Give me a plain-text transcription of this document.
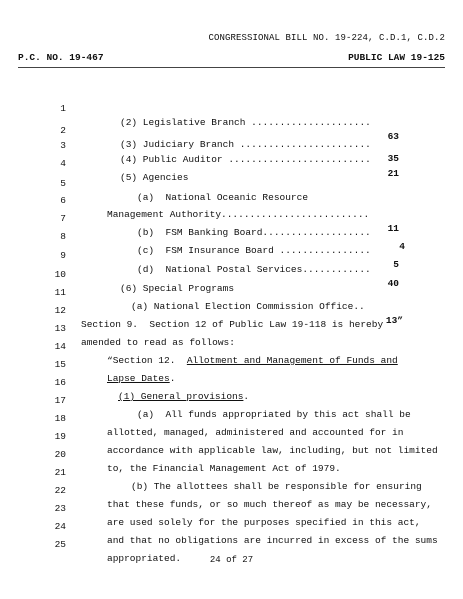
CONGRESSIONAL BILL NO. 19-224, C.D.1, C.D.2
P.C. NO. 19-467	PUBLIC LAW 19-125

1

(2) Legislative Branch .....................

63

2

(3) Judiciary Branch .......................

35

3

(4) Public Auditor .........................

21

4

(5) Agencies

5

(a)  National Oceanic Resource

6

Management Authority..........................

11

7

(b)  FSM Banking Board...................

4

8

(c)  FSM Insurance Board ................

5

9

(d)  National Postal Services............

40

10

(6) Special Programs

11

(a) National Election Commission Office..

13”

12

Section 9.  Section 12 of Public Law 19-118 is hereby

13

amended to read as follows:

14

“Section 12.  Allotment and Management of Funds and

15

Lapse Dates.

16

(1) General provisions.

17

(a)  All funds appropriated by this act shall be

18

allotted, managed, administered and accounted for in

19

accordance with applicable law, including, but not limited

20

to, the Financial Management Act of 1979.

21

(b) The allottees shall be responsible for ensuring

22

that these funds, or so much thereof as may be necessary,

23

are used solely for the purposes specified in this act,

24

and that no obligations are incurred in excess of the sums

25

appropriated.	24 of 27
